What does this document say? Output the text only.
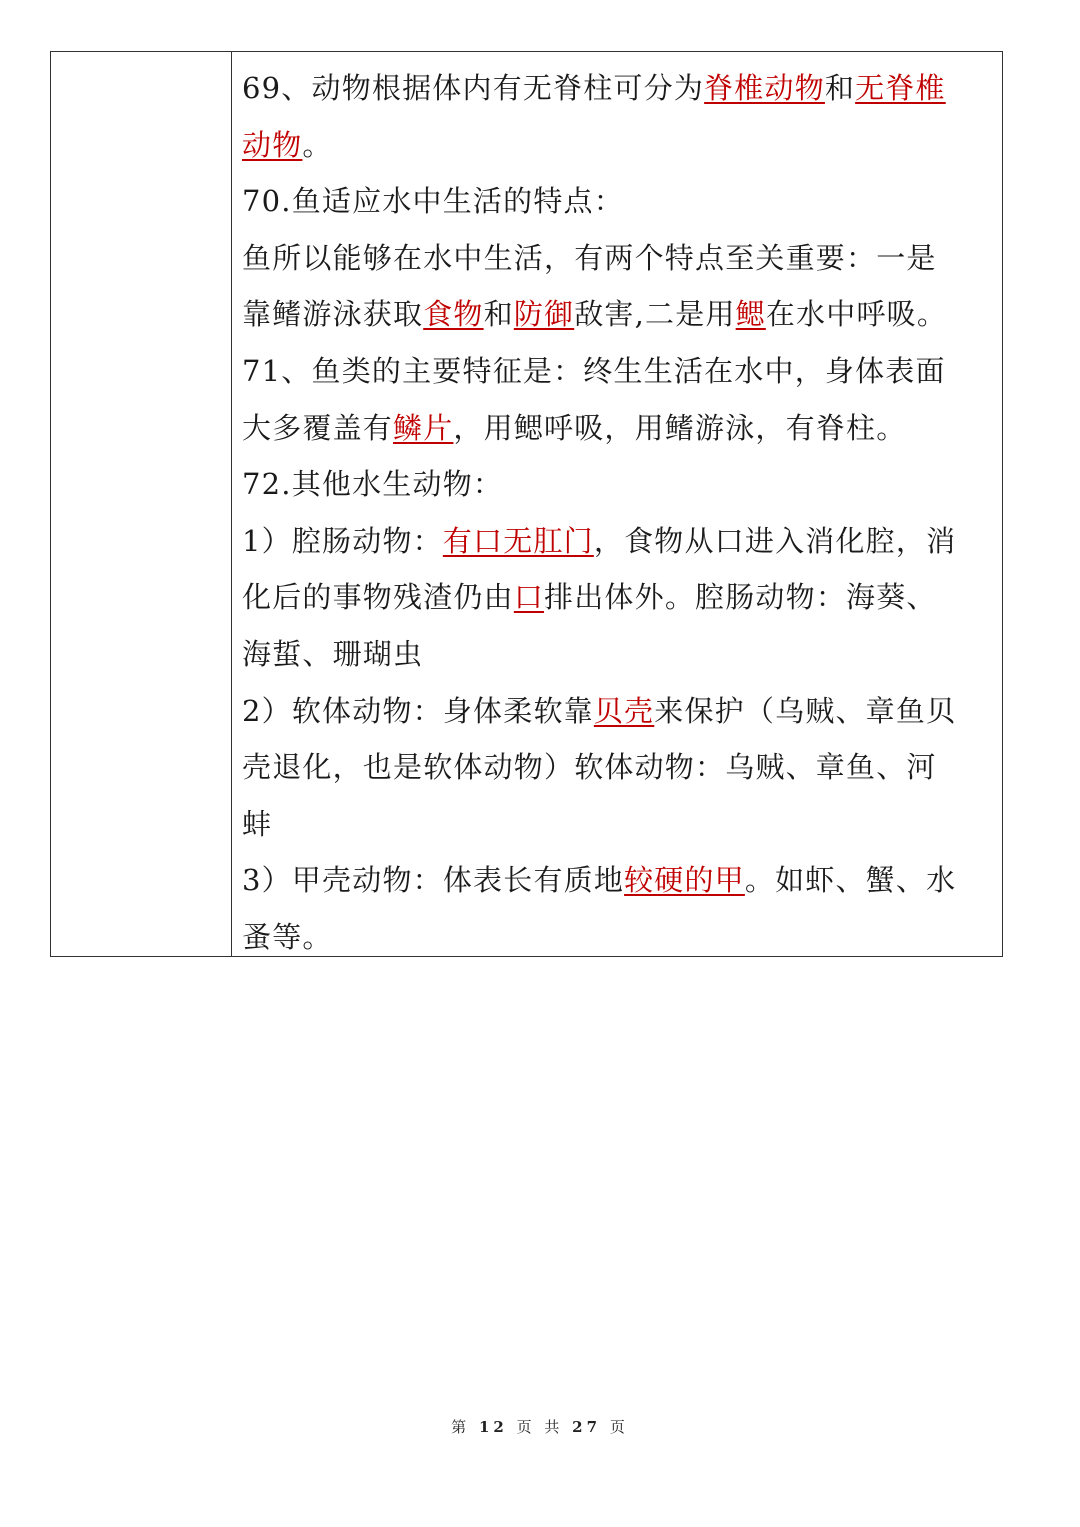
69、动物根据体内有无脊柱可分为脊椎动物和无脊椎
动物。
70.鱼适应水中生活的特点：
鱼所以能够在水中生活，有两个特点至关重要：一是
靠鳍游泳获取食物和防御敌害,二是用鳃在水中呼吸。
71、鱼类的主要特征是：终生生活在水中，身体表面
大多覆盖有鳞片，用鳃呼吸，用鳍游泳，有脊柱。
72.其他水生动物：
1）腔肠动物：有口无肛门，食物从口进入消化腔，消
化后的事物残渣仍由口排出体外。腔肠动物：海葵、
海蜇、珊瑚虫
2）软体动物：身体柔软靠贝壳来保护（乌贼、章鱼贝
壳退化，也是软体动物）软体动物：乌贼、章鱼、河
蚌
3）甲壳动物：体表长有质地较硬的甲。如虾、蟹、水
蚤等。
第 12 页 共 27 页
